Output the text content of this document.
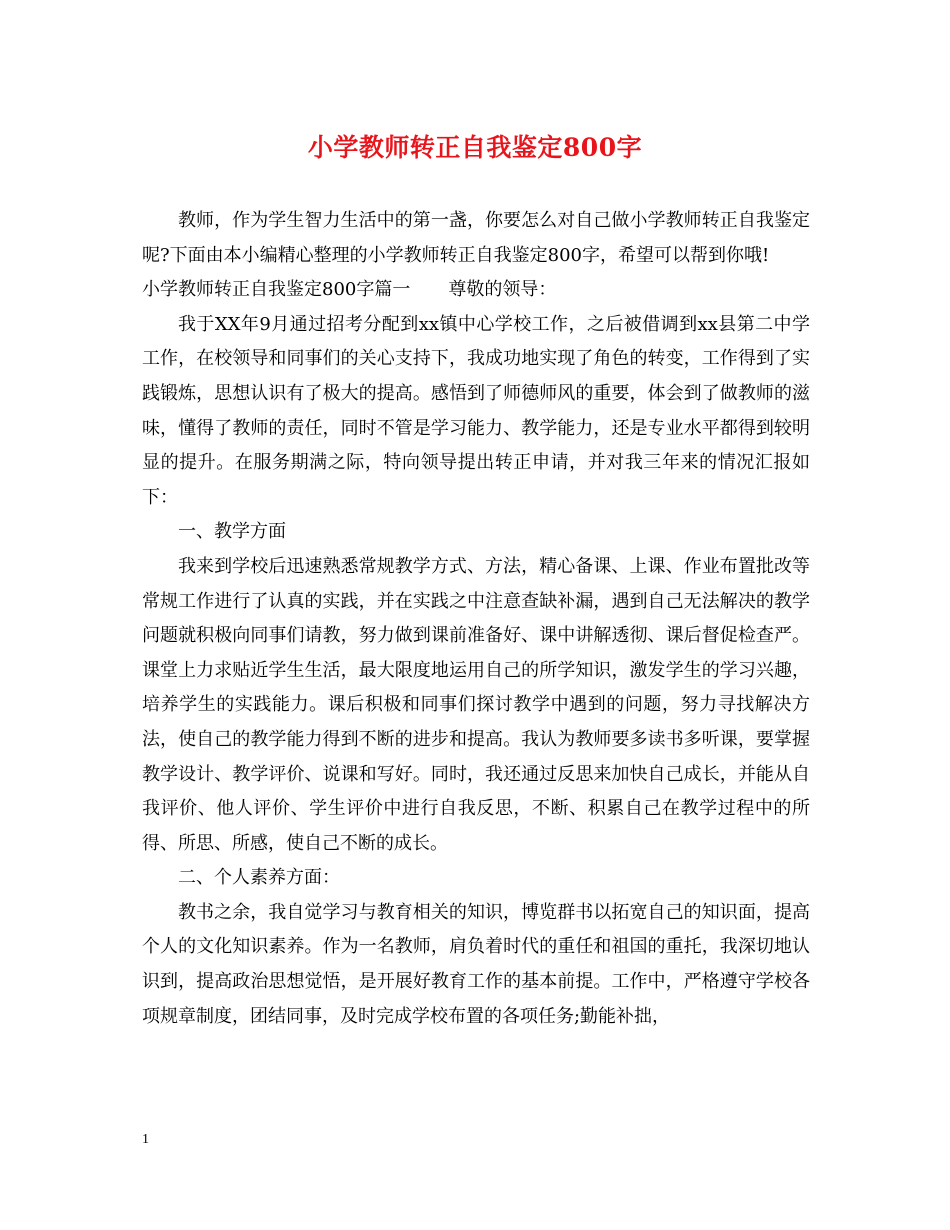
小学教师转正自我鉴定800字

教师，作为学生智力生活中的第一盏，你要怎么对自己做小学教师转正自我鉴定呢?下面由本小编精心整理的小学教师转正自我鉴定800字，希望可以帮到你哦!

小学教师转正自我鉴定800字篇一 尊敬的领导：

我于XX年9月通过招考分配到xx镇中心学校工作，之后被借调到xx县第二中学工作，在校领导和同事们的关心支持下，我成功地实现了角色的转变，工作得到了实践锻炼，思想认识有了极大的提高。感悟到了师德师风的重要，体会到了做教师的滋味，懂得了教师的责任，同时不管是学习能力、教学能力，还是专业水平都得到较明显的提升。在服务期满之际，特向领导提出转正申请，并对我三年来的情况汇报如下：

一、教学方面

我来到学校后迅速熟悉常规教学方式、方法，精心备课、上课、作业布置批改等常规工作进行了认真的实践，并在实践之中注意查缺补漏，遇到自己无法解决的教学问题就积极向同事们请教，努力做到课前准备好、课中讲解透彻、课后督促检查严。课堂上力求贴近学生生活，最大限度地运用自己的所学知识，激发学生的学习兴趣，培养学生的实践能力。课后积极和同事们探讨教学中遇到的问题，努力寻找解决方法，使自己的教学能力得到不断的进步和提高。我认为教师要多读书多听课，要掌握教学设计、教学评价、说课和写好。同时，我还通过反思来加快自己成长，并能从自我评价、他人评价、学生评价中进行自我反思，不断、积累自己在教学过程中的所得、所思、所感，使自己不断的成长。

二、个人素养方面：

教书之余，我自觉学习与教育相关的知识，博览群书以拓宽自己的知识面，提高个人的文化知识素养。作为一名教师，肩负着时代的重任和祖国的重托，我深切地认识到，提高政治思想觉悟，是开展好教育工作的基本前提。工作中，严格遵守学校各项规章制度，团结同事，及时完成学校布置的各项任务;勤能补拙，

1
